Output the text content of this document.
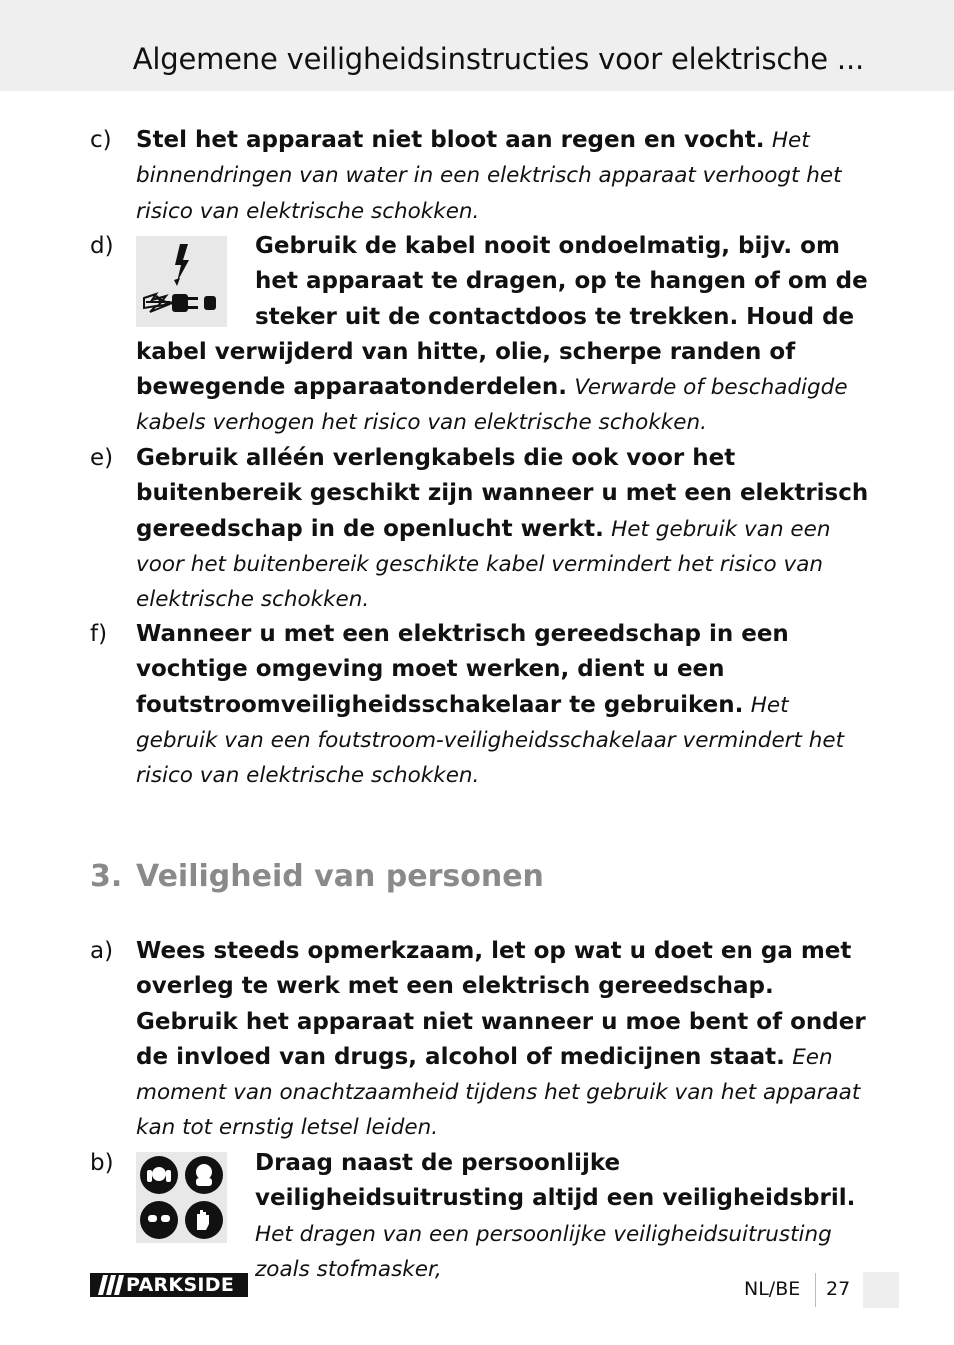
Algemene veiligheidsinstructies voor elektrische ...
c) Stel het apparaat niet bloot aan regen en vocht. Het binnendringen van water in een elektrisch apparaat verhoogt het risico van elektrische schokken.
d)	Gebruik de kabel nooit ondoelmatig, bijv. om
het apparaat te dragen, op te hangen of om de
steker uit de contactdoos te trekken. Houd de
kabel verwijderd van hitte, olie, scherpe randen of
bewegende apparaatonderdelen. Verwarde of beschadigde kabels verhogen het risico van elektrische schokken.
e) Gebruik alléén verlengkabels die ook voor het buitenbereik geschikt zijn wanneer u met een elektrisch gereedschap in de openlucht werkt. Het gebruik van een voor het buitenbereik geschikte kabel vermindert het risico van elektrische schokken.
f) Wanneer u met een elektrisch gereedschap in een vochtige omgeving moet werken, dient u een foutstroomveiligheidsschakelaar te gebruiken. Het gebruik van een foutstroom-veiligheidsschakelaar vermindert het risico van elektrische schokken.
3. Veiligheid van personen
a) Wees steeds opmerkzaam, let op wat u doet en ga met overleg te werk met een elektrisch gereedschap. Gebruik het apparaat niet wanneer u moe bent of onder de invloed van drugs, alcohol of medicijnen staat. Een moment van onachtzaamheid tijdens het gebruik van het apparaat kan tot ernstig letsel leiden.
b)	Draag naast de persoonlijke veiligheidsuitrusting altijd een veiligheidsbril. Het dragen van een persoonlijke veiligheidsuitrusting zoals stofmasker,
PARKSIDE	NL/BE 27
